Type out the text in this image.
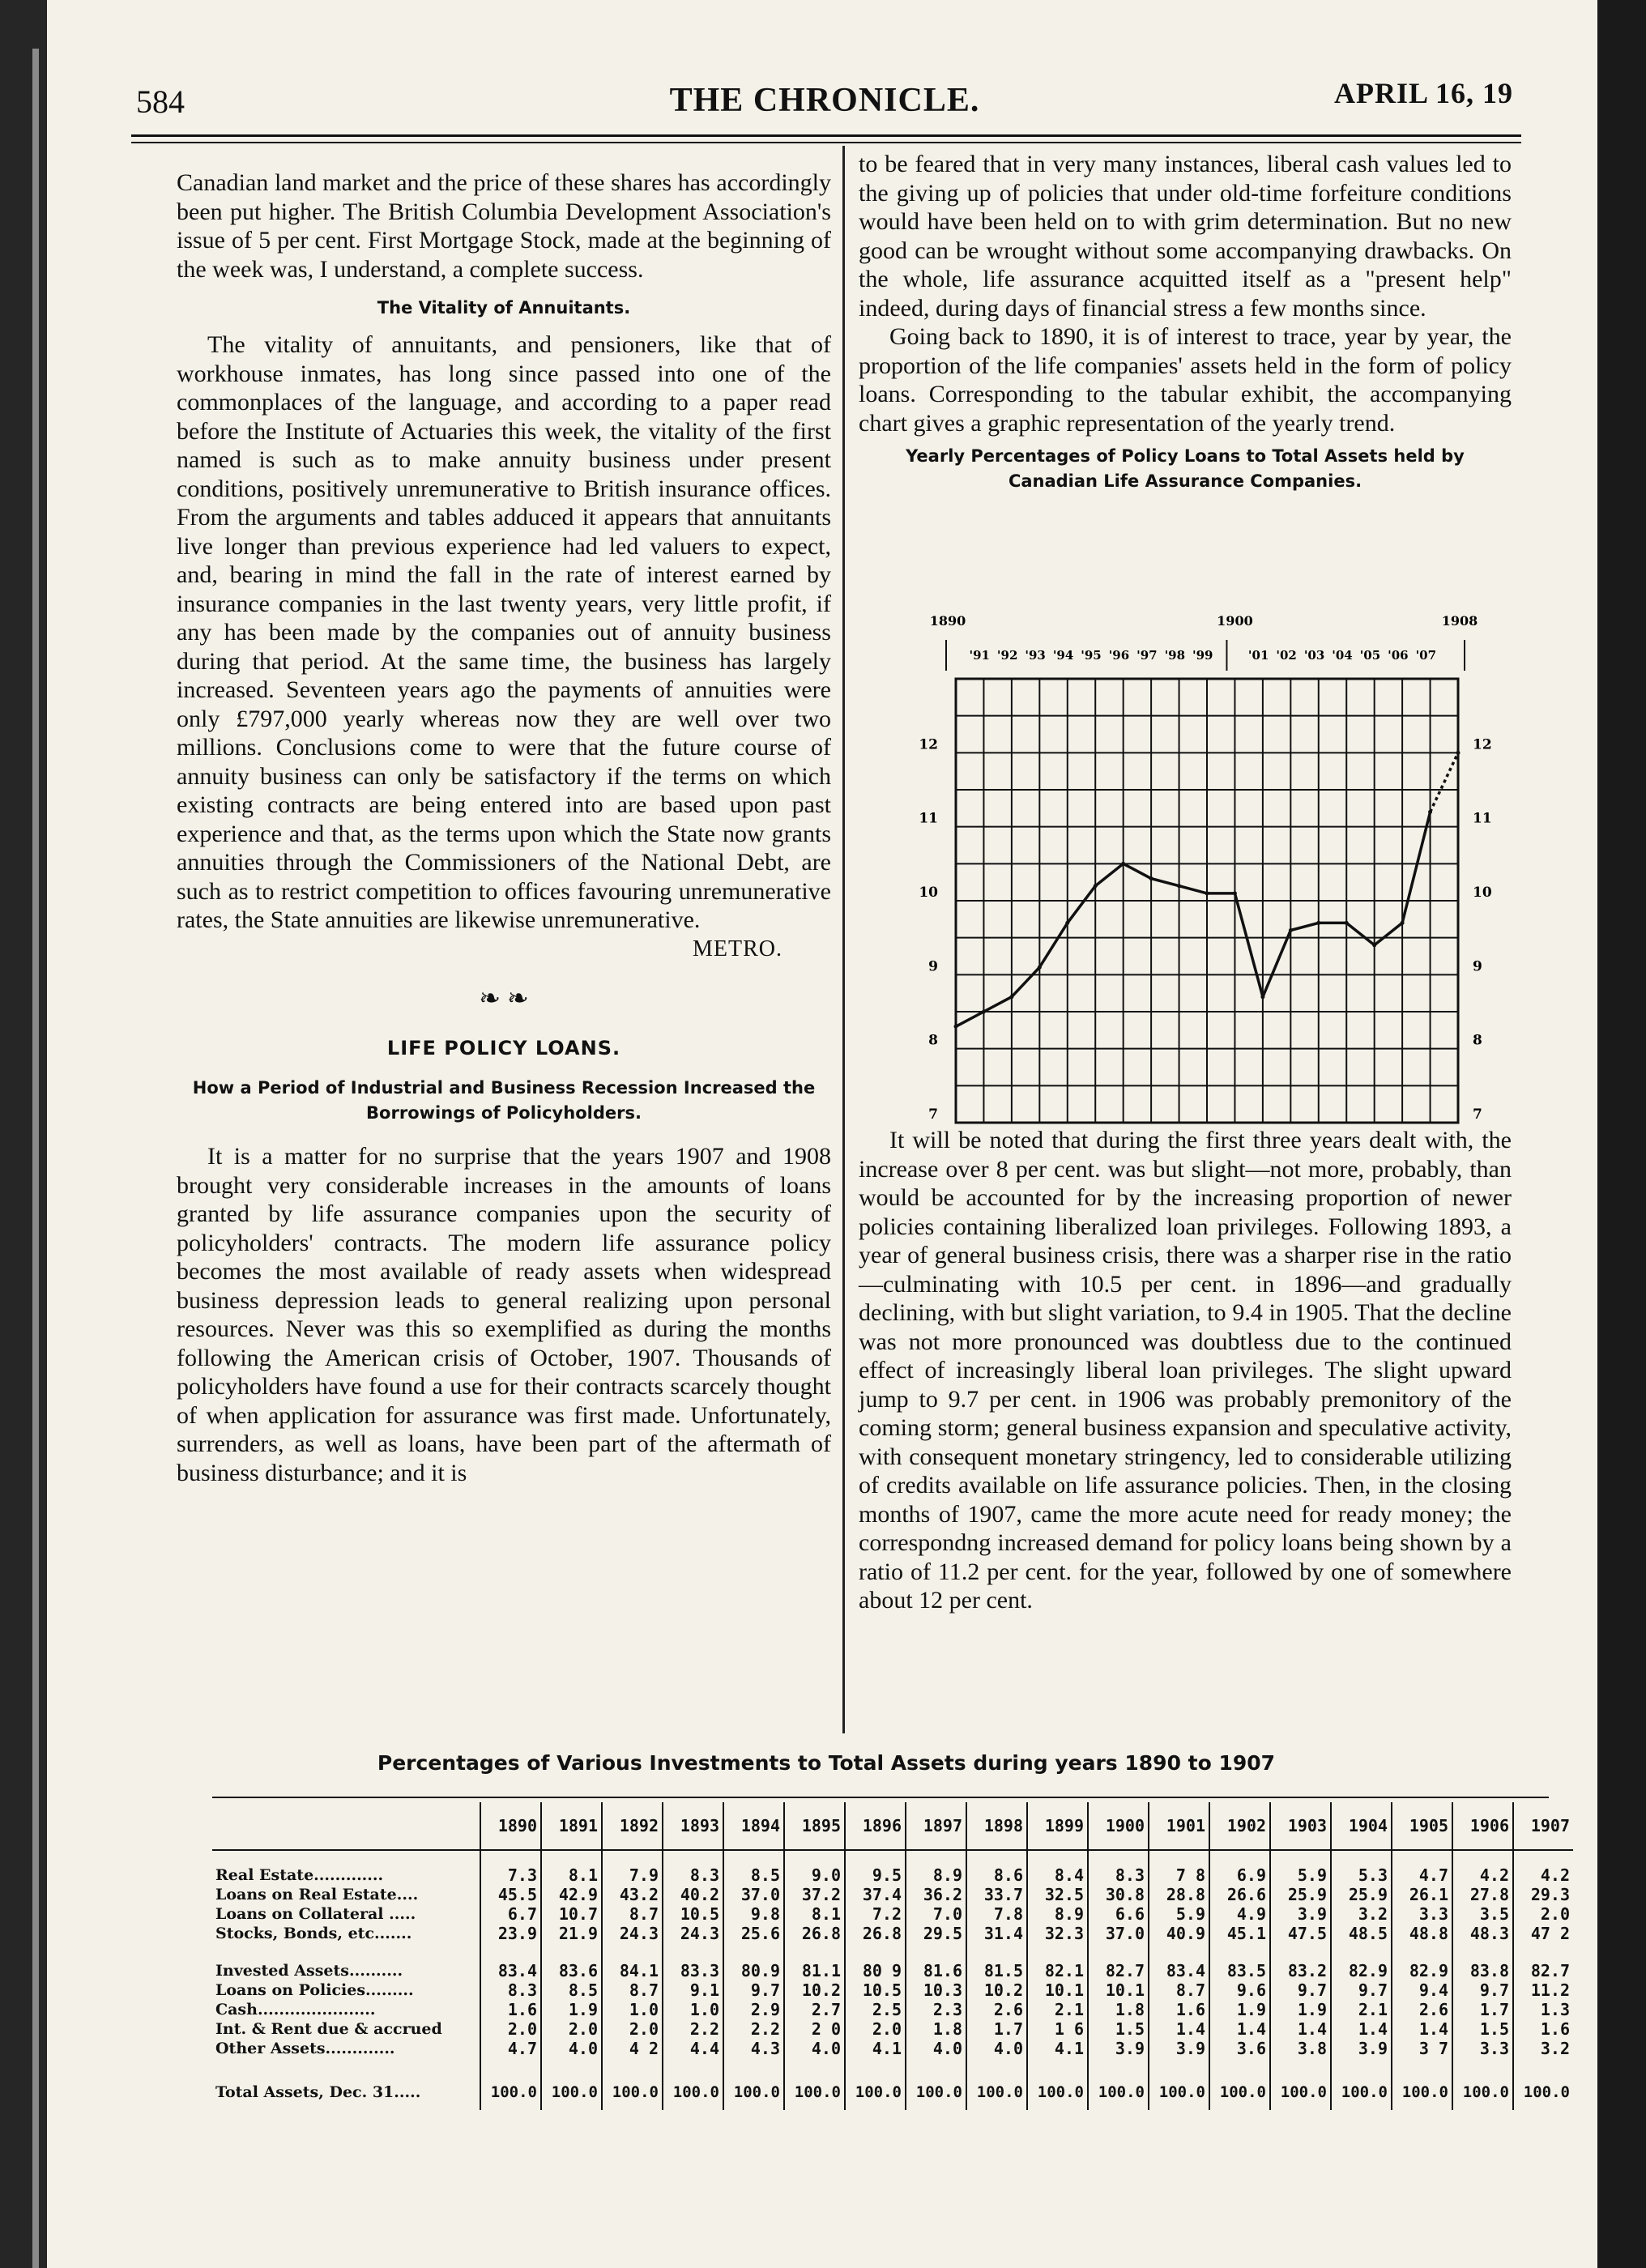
584	THE CHRONICLE.	APRIL 16, 19

Canadian land market and the price of these shares has accordingly been put higher. The British Columbia Development Association's issue of 5 per cent. First Mortgage Stock, made at the beginning of the week was, I understand, a complete success.

The Vitality of Annuitants.

The vitality of annuitants, and pensioners, like that of workhouse inmates, has long since passed into one of the commonplaces of the language, and according to a paper read before the Institute of Actuaries this week, the vitality of the first named is such as to make annuity business under present conditions, positively unremunerative to British insurance offices. From the arguments and tables adduced it appears that annuitants live longer than previous experience had led valuers to expect, and, bearing in mind the fall in the rate of interest earned by insurance companies in the last twenty years, very little profit, if any has been made by the companies out of annuity business during that period. At the same time, the business has largely increased. Seventeen years ago the payments of annuities were only £797,000 yearly whereas now they are well over two millions. Conclusions come to were that the future course of annuity business can only be satisfactory if the terms on which existing contracts are being entered into are based upon past experience and that, as the terms upon which the State now grants annuities through the Commissioners of the National Debt, are such as to restrict competition to offices favouring unremunerative rates, the State annuities are likewise unremunerative.

METRO.
❧ ❧
LIFE POLICY LOANS.
How a Period of Industrial and Business Recession Increased the Borrowings of Policyholders.

It is a matter for no surprise that the years 1907 and 1908 brought very considerable increases in the amounts of loans granted by life assurance companies upon the security of policyholders' contracts. The modern life assurance policy becomes the most available of ready assets when widespread business depression leads to general realizing upon personal resources. Never was this so exemplified as during the months following the American crisis of October, 1907. Thousands of policyholders have found a use for their contracts scarcely thought of when application for assurance was first made. Unfortunately, surrenders, as well as loans, have been part of the aftermath of business disturbance; and it is

to be feared that in very many instances, liberal cash values led to the giving up of policies that under old-time forfeiture conditions would have been held on to with grim determination. But no new good can be wrought without some accompanying drawbacks. On the whole, life assurance acquitted itself as a "present help" indeed, during days of financial stress a few months since.

Going back to 1890, it is of interest to trace, year by year, the proportion of the life companies' assets held in the form of policy loans. Corresponding to the tabular exhibit, the accompanying chart gives a graphic representation of the yearly trend.

Yearly Percentages of Policy Loans to Total Assets held by Canadian Life Assurance Companies.
1890	1900	1908
'91 '92 '93 '94 '95 '96 '97 '98 '99	'01 '02 '03 '04 '05 '06 '07
7	7
8	8
9	9
10	10
11	11
12	12

It will be noted that during the first three years dealt with, the increase over 8 per cent. was but slight—not more, probably, than would be accounted for by the increasing proportion of newer policies containing liberalized loan privileges. Following 1893, a year of general business crisis, there was a sharper rise in the ratio—culminating with 10.5 per cent. in 1896—and gradually declining, with but slight variation, to 9.4 in 1905. That the decline was not more pronounced was doubtless due to the continued effect of increasingly liberal loan privileges. The slight upward jump to 9.7 per cent. in 1906 was probably premonitory of the coming storm; general business expansion and speculative activity, with consequent monetary stringency, led to considerable utilizing of credits available on life assurance policies. Then, in the closing months of 1907, came the more acute need for ready money; the correspondng increased demand for policy loans being shown by a ratio of 11.2 per cent. for the year, followed by one of somewhere about 12 per cent.

Percentages of Various Investments to Total Assets during years 1890 to 1907
	1890	1891	1892	1893	1894	1895	1896	1897	1898	1899	1900	1901	1902	1903	1904	1905	1906	1907

Real Estate.............	7.3	8.1	7.9	8.3	8.5	9.0	9.5	8.9	8.6	8.4	8.3	7 8	6.9	5.9	5.3	4.7	4.2	4.2
Loans on Real Estate....	45.5	42.9	43.2	40.2	37.0	37.2	37.4	36.2	33.7	32.5	30.8	28.8	26.6	25.9	25.9	26.1	27.8	29.3
Loans on Collateral .....	6.7	10.7	8.7	10.5	9.8	8.1	7.2	7.0	7.8	8.9	6.6	5.9	4.9	3.9	3.2	3.3	3.5	2.0
Stocks, Bonds, etc.......	23.9	21.9	24.3	24.3	25.6	26.8	26.8	29.5	31.4	32.3	37.0	40.9	45.1	47.5	48.5	48.8	48.3	47 2

Invested Assets..........	83.4	83.6	84.1	83.3	80.9	81.1	80 9	81.6	81.5	82.1	82.7	83.4	83.5	83.2	82.9	82.9	83.8	82.7
Loans on Policies.........	8.3	8.5	8.7	9.1	9.7	10.2	10.5	10.3	10.2	10.1	10.1	8.7	9.6	9.7	9.7	9.4	9.7	11.2
Cash......................	1.6	1.9	1.0	1.0	2.9	2.7	2.5	2.3	2.6	2.1	1.8	1.6	1.9	1.9	2.1	2.6	1.7	1.3
Int. & Rent due & accrued	2.0	2.0	2.0	2.2	2.2	2 0	2.0	1.8	1.7	1 6	1.5	1.4	1.4	1.4	1.4	1.4	1.5	1.6
Other Assets.............	4.7	4.0	4 2	4.4	4.3	4.0	4.1	4.0	4.0	4.1	3.9	3.9	3.6	3.8	3.9	3 7	3.3	3.2

Total Assets, Dec. 31.....	100.0	100.0	100.0	100.0	100.0	100.0	100.0	100.0	100.0	100.0	100.0	100.0	100.0	100.0	100.0	100.0	100.0	100.0
